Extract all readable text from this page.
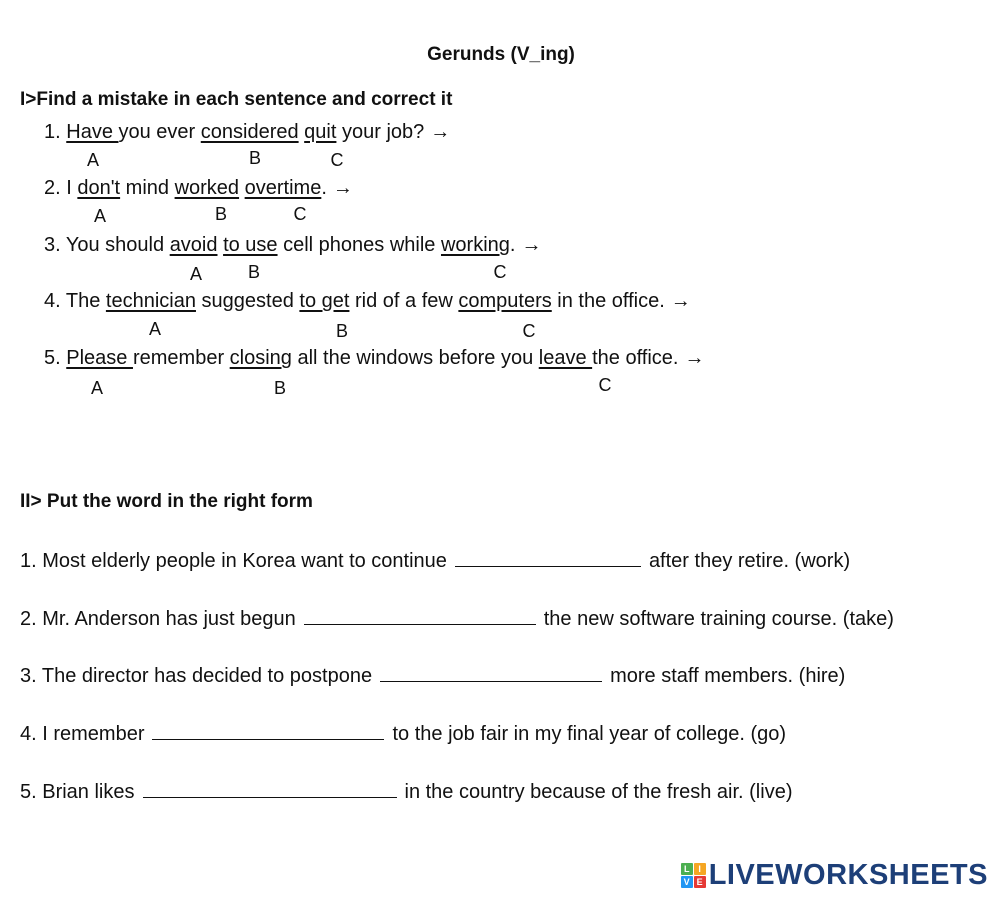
Gerunds (V_ing)
I>Find a mistake in each sentence and correct it
1. Have you ever considered
quit your job? →
A	B	C
2. I don't mind worked
overtime . →
A	B	C
3. You should avoid
to use cell phones while working . →
A	B	C
4. The technician suggested to get rid of a few computers in the office. →
A	B	C
5. Please remember closing all the windows before you leave the office. →
A	B	C
II> Put the word in the right form
1. Most elderly people in Korea want to continue	after they retire. (work)
2. Mr. Anderson has just begun	the new software training course. (take)
3. The director has decided to postpone	more staff members. (hire)
4. I remember	to the job fair in my final year of college. (go)
5. Brian likes	in the country because of the fresh air. (live)
L I
V E LIVEWORKSHEETS
